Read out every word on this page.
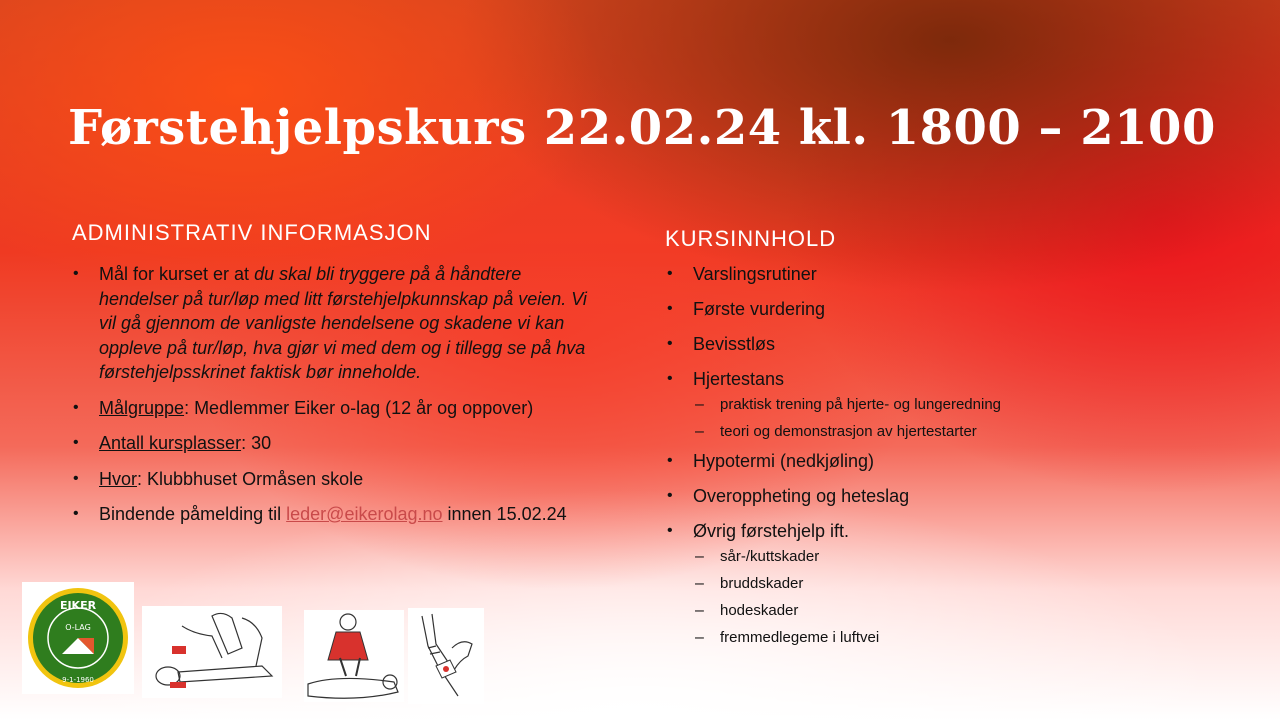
Førstehjelpskurs 22.02.24 kl. 1800 – 2100
ADMINISTRATIV INFORMASJON
• Mål for kurset er at du skal bli tryggere på å håndtere hendelser på tur/løp med litt førstehjelpkunnskap på veien. Vi vil gå gjennom de vanligste hendelsene og skadene vi kan oppleve på tur/løp, hva gjør vi med dem og i tillegg se på hva førstehjelpsskrinet faktisk bør inneholde.
• Målgruppe: Medlemmer Eiker o-lag (12 år og oppover)
• Antall kursplasser: 30
• Hvor: Klubbhuset Ormåsen skole
• Bindende påmelding til leder@eikerolag.no innen 15.02.24
KURSINNHOLD
• Varslingsrutiner
• Første vurdering
• Bevisstløs
• Hjertestans
– praktisk trening på hjerte- og lungeredning
– teori og demonstrasjon av hjertestarter
• Hypotermi (nedkjøling)
• Overoppheting og heteslag
• Øvrig førstehjelp ift.
– sår-/kuttskader
– bruddskader
– hodeskader
– fremmedlegeme i luftvei
EIKER
O-LAG
9-1-1960
